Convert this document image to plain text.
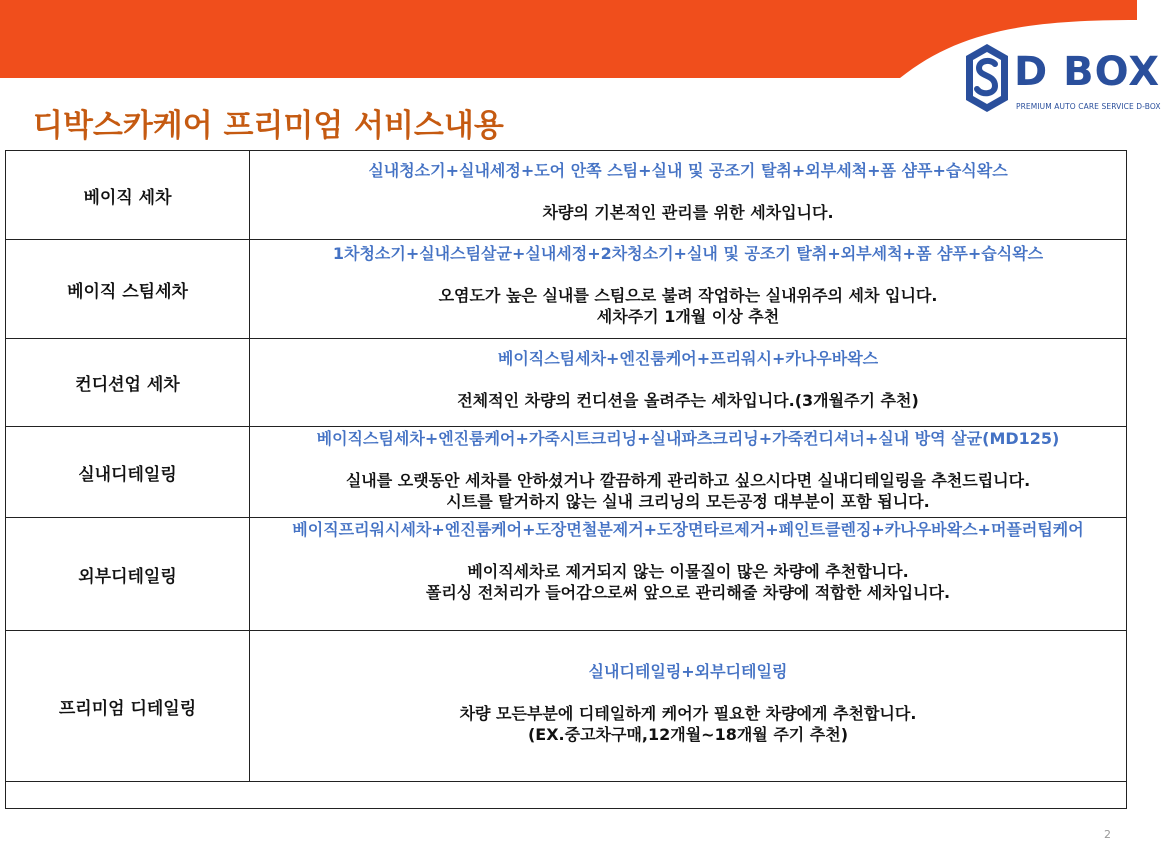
D BOX
PREMIUM AUTO CARE SERVICE D-BOX
디박스카케어 프리미엄 서비스내용
베이직 세차	실내청소기+실내세정+도어 안쪽 스팀+실내 및 공조기 탈취+외부세척+폼 샴푸+습식왁스
차량의 기본적인 관리를 위한 세차입니다.

베이직 스팀세차	1차청소기+실내스팀살균+실내세정+2차청소기+실내 및 공조기 탈취+외부세척+폼 샴푸+습식왁스
오염도가 높은 실내를 스팀으로 불려 작업하는 실내위주의 세차 입니다.
세차주기 1개월 이상 추천

컨디션업 세차	베이직스팀세차+엔진룸케어+프리워시+카나우바왁스
전체적인 차량의 컨디션을 올려주는 세차입니다.(3개월주기 추천)

실내디테일링	베이직스팀세차+엔진룸케어+가죽시트크리닝+실내파츠크리닝+가죽컨디셔너+실내 방역 살균(MD125)
실내를 오랫동안 세차를 안하셨거나 깔끔하게 관리하고 싶으시다면 실내디테일링을 추천드립니다.
시트를 탈거하지 않는 실내 크리닝의 모든공정 대부분이 포함 됩니다.

외부디테일링	베이직프리워시세차+엔진룸케어+도장면철분제거+도장면타르제거+페인트클렌징+카나우바왁스+머플러팁케어
베이직세차로 제거되지 않는 이물질이 많은 차량에 추천합니다.
폴리싱 전처리가 들어감으로써 앞으로 관리해줄 차량에 적합한 세차입니다.

프리미엄 디테일링	실내디테일링+외부디테일링
차량 모든부분에 디테일하게 케어가 필요한 차량에게 추천합니다.
(EX.중고차구매,12개월~18개월 주기 추천)

2
